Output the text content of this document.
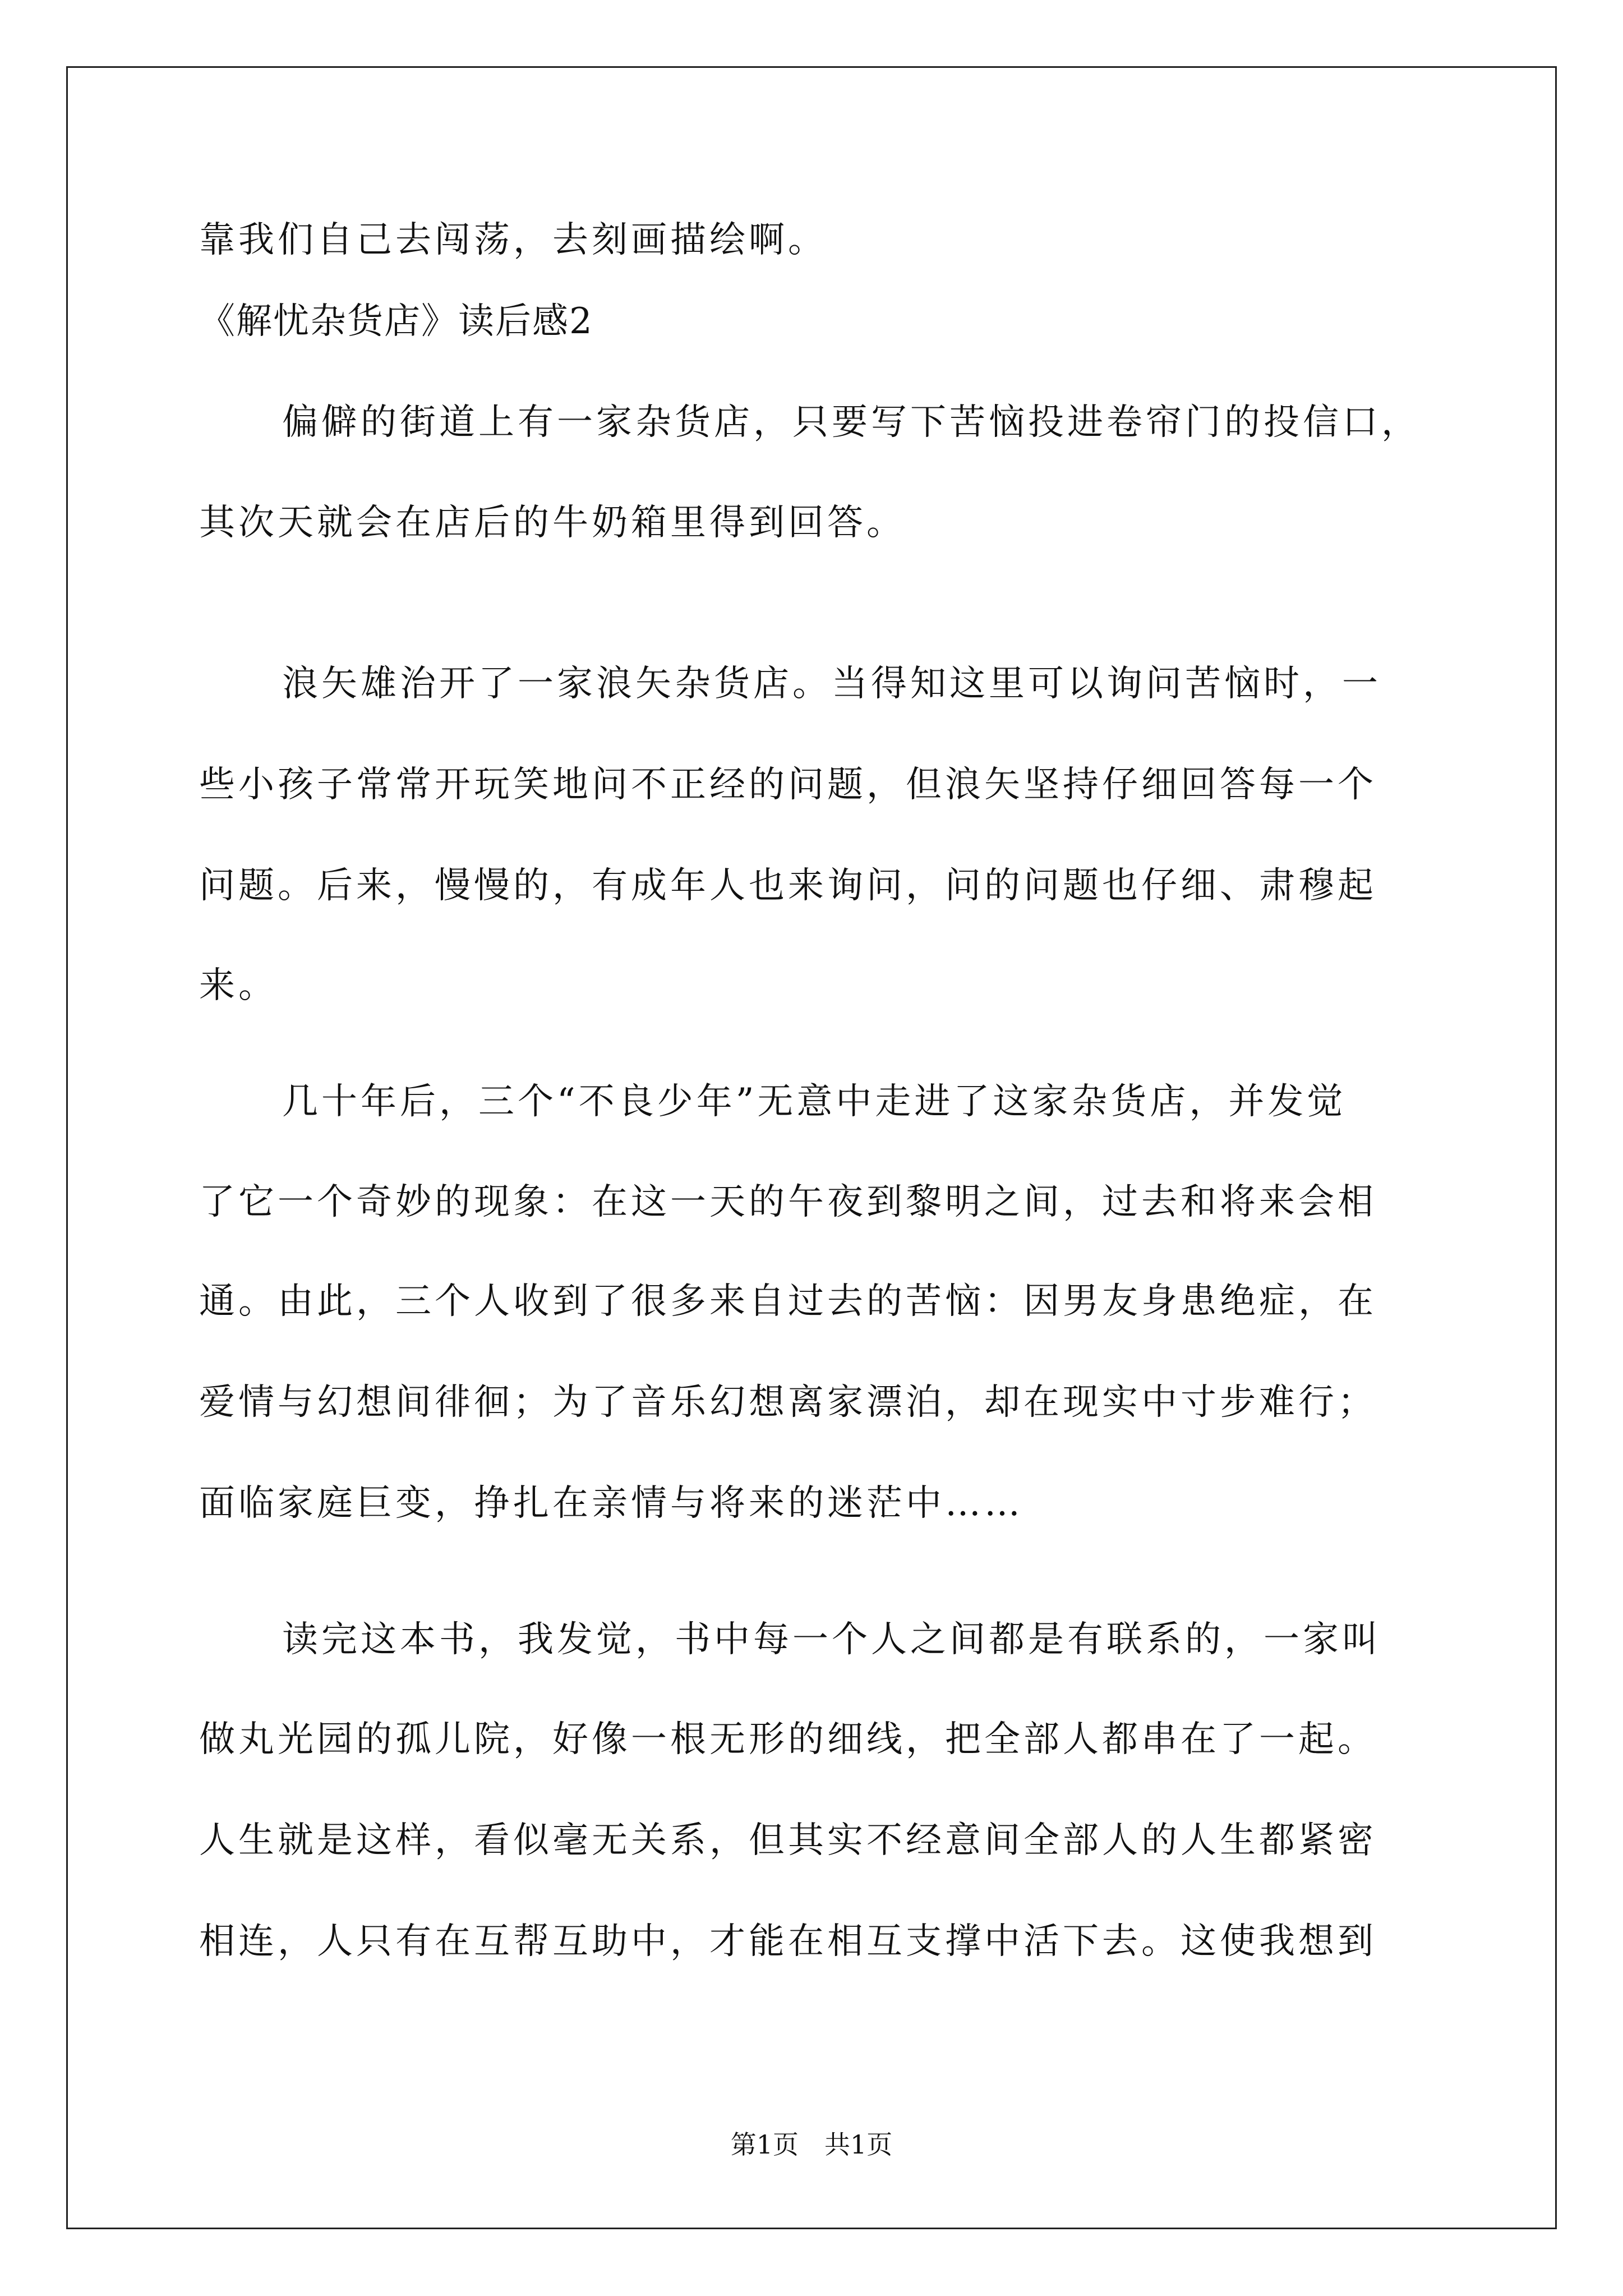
靠我们自己去闯荡，去刻画描绘啊。
《解忧杂货店》读后感2
偏僻的街道上有一家杂货店，只要写下苦恼投进卷帘门的投信口，
其次天就会在店后的牛奶箱里得到回答。
浪矢雄治开了一家浪矢杂货店。当得知这里可以询问苦恼时，一
些小孩子常常开玩笑地问不正经的问题，但浪矢坚持仔细回答每一个
问题。后来，慢慢的，有成年人也来询问，问的问题也仔细、肃穆起
来。
几十年后，三个“不良少年”无意中走进了这家杂货店，并发觉
了它一个奇妙的现象：在这一天的午夜到黎明之间，过去和将来会相
通。由此，三个人收到了很多来自过去的苦恼：因男友身患绝症，在
爱情与幻想间徘徊；为了音乐幻想离家漂泊，却在现实中寸步难行；
面临家庭巨变，挣扎在亲情与将来的迷茫中……
读完这本书，我发觉，书中每一个人之间都是有联系的，一家叫
做丸光园的孤儿院，好像一根无形的细线，把全部人都串在了一起。
人生就是这样，看似毫无关系，但其实不经意间全部人的人生都紧密
相连，人只有在互帮互助中，才能在相互支撑中活下去。这使我想到
第1页　共1页
